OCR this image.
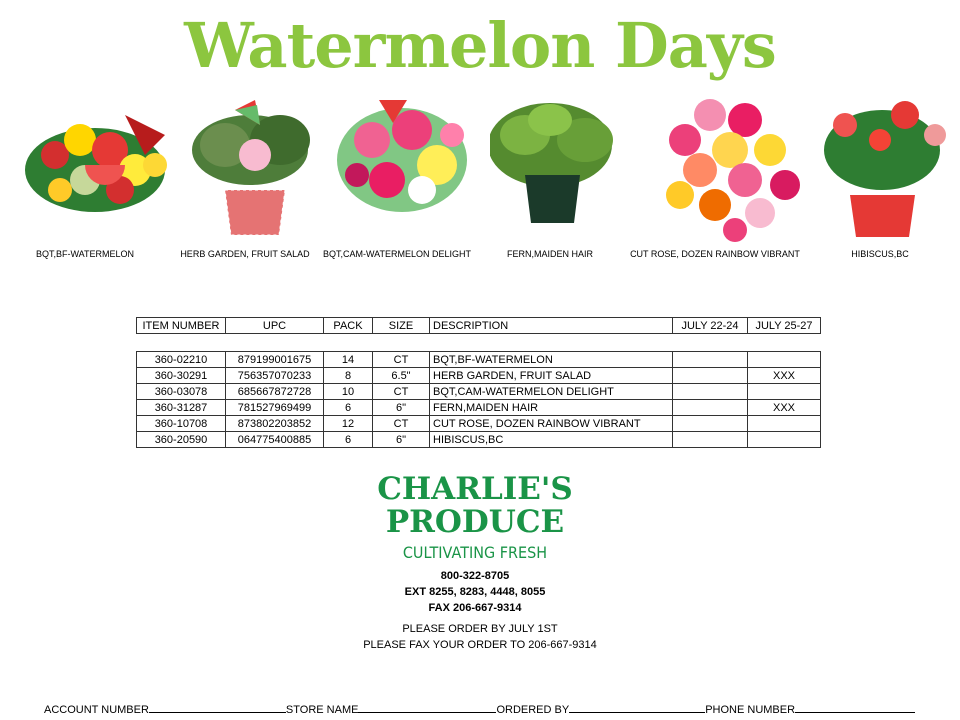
Watermelon Days
BQT,BF-WATERMELON	HERB GARDEN, FRUIT SALAD	BQT,CAM-WATERMELON DELIGHT	FERN,MAIDEN HAIR	CUT ROSE, DOZEN RAINBOW VIBRANT	HIBISCUS,BC
ITEM NUMBER	UPC	PACK	SIZE	DESCRIPTION	JULY 22-24	JULY 25-27
360-02210	879199001675	14	CT	BQT,BF-WATERMELON		
360-30291	756357070233	8	6.5"	HERB GARDEN, FRUIT SALAD		XXX
360-03078	685667872728	10	CT	BQT,CAM-WATERMELON DELIGHT		
360-31287	781527969499	6	6"	FERN,MAIDEN HAIR		XXX
360-10708	873802203852	12	CT	CUT ROSE, DOZEN RAINBOW VIBRANT		
360-20590	064775400885	6	6"	HIBISCUS,BC		
CHARLIE'S
PRODUCE
CULTIVATING FRESH
800-322-8705
EXT 8255, 8283, 4448, 8055
FAX 206-667-9314
PLEASE ORDER BY JULY 1ST
PLEASE FAX YOUR ORDER TO 206-667-9314
ACCOUNT NUMBER	STORE NAME	ORDERED BY	PHONE NUMBER
